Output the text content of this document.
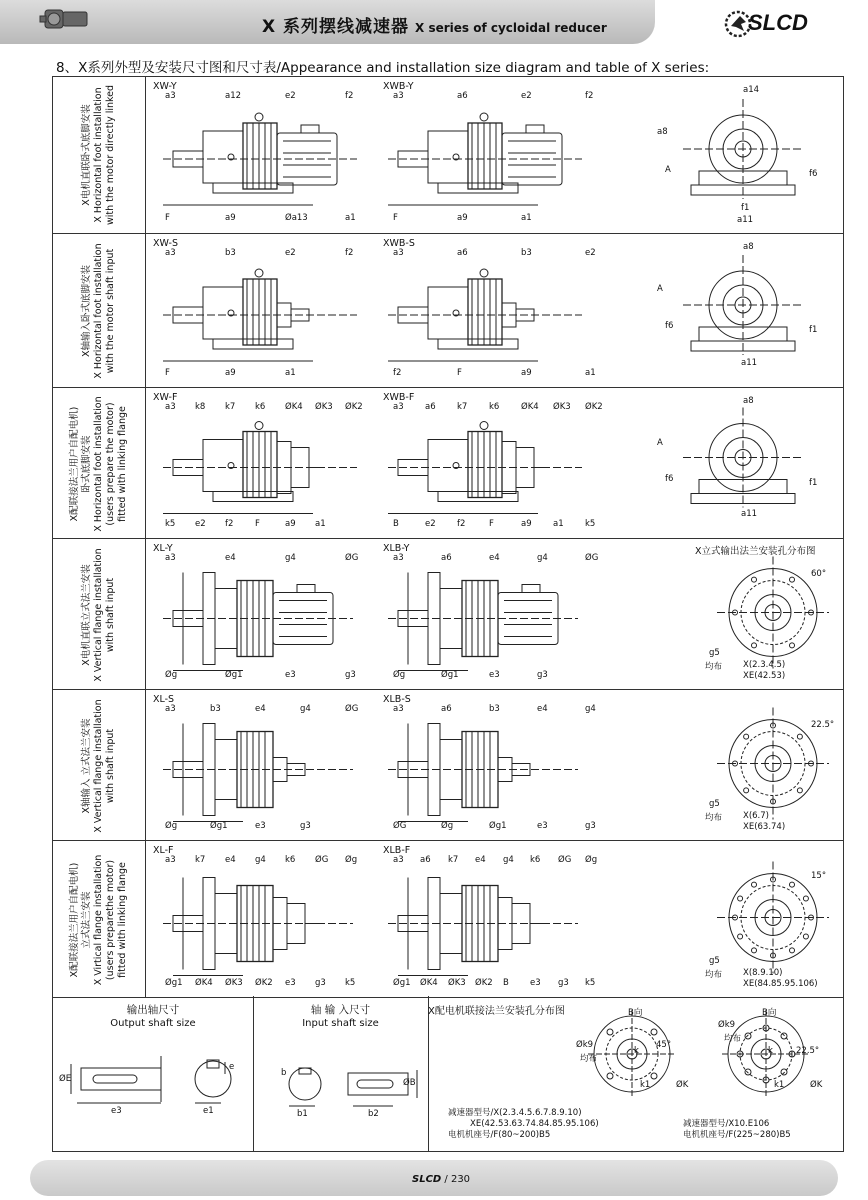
X 系列摆线减速器 X series of cycloidal reducer	SLCD
8、X系列外型及安装尺寸图和尺寸表/Appearance and installation size diagram and table of X series:
X电机直联卧式底脚安装 X Horizontal foot installation with the motor directly linked	XW-Y	XWB-Y
a3	a12	e2	f2
F	a9	Øa13	a1
a3	a6	e2	f2
F	a9	a1
a14
a8
A	f6
f1
a11
X轴输入卧式底脚安装 X Horizontal foot installation with the motor shaft input
XW-S	XWB-S
a3	b3	e2	f2
F	a9	a1
a3	a6	b3	e2
f2	F	a9	a1
a8
A
f6	f1
a11
X配联接法兰用户自配电机) 卧式底脚安装 X Horizontal foot installation (users prepare the motor) fitted with linking flange
XW-F	XWB-F
a3 k8 k7 k6 ØK4 ØK3 ØK2
k5 e2 f2	F	a9 a1
a3	a6	k7	k6	ØK4 ØK3 ØK2
B	e2	f2	F	a9	a1	k5
a8
A
f6	f1
a11
X电机直联立式法兰安装 X Vertical flange installation with shaft input
XL-Y	XLB-Y
a3	e4	g4	ØG
Øg	Øg1	e3	g3
a3	a6	e4	g4	ØG
Øg	Øg1	e3	g3
X立式输出法兰安装孔分布图
g5
均布 X(2.3.4.5)
XE(42.53)
60°
X轴输入 立式法兰安装 X Vertical flange installation with shaft input
XL-S	XLB-S
a3	b3	e4	g4	ØG
Øg	Øg1	e3	g3
a3	a6	b3	e4	g4
ØG	Øg	Øg1	e3	g3
g5
均布 X(6.7)
XE(63.74)
22.5°
X配联接法兰用户自配电机) 立式法兰安装 X Virtical flange installation (users preparethe motor) fitted with linking flange
XL-F	XLB-F
a3 k7 e4 g4 k6 ØG Øg
Øg1 ØK4 ØK3 ØK2 e3 g3 k5
a3 a6 k7 e4 g4 k6 ØG Øg
Øg1 ØK4 ØK3 ØK2 B e3 g3 k5
g5
均布 X(8.9.10)
XE(84.85.95.106)
15°
输出轴尺寸
Output shaft size
ØE
e3	e1
e
轴 输 入尺寸
Input shaft size
b
b1	b2
ØB
X配电机联接法兰安装孔分布图	B向	B向
Øk9
均布
k
45°
k1	ØK
Øk9
均布
k	22.5°
k1	ØK
减速器型号/X(2.3.4.5.6.7.8.9.10)
XE(42.53.63.74.84.85.95.106)
电机机座号/F(80~200)B5
减速器型号/X10.E106
电机机座号/F(225~280)B5
SLCD / 230
